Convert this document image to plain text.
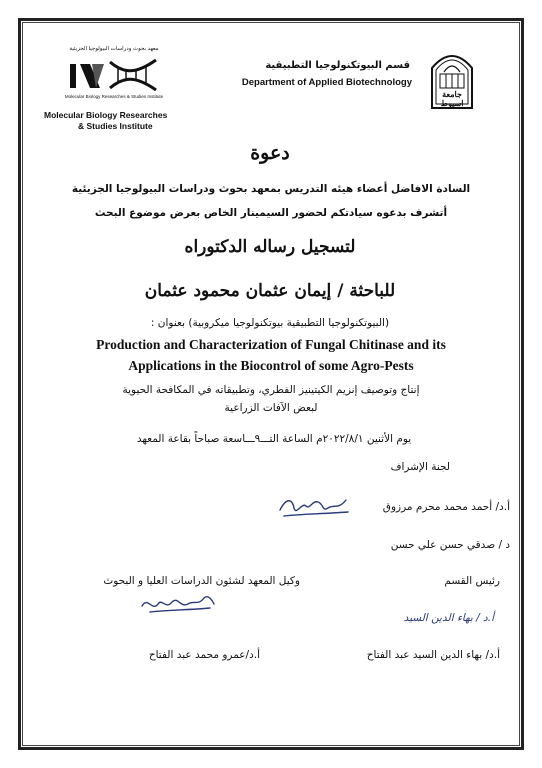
جامعة
اسيوط
قسم البيوتكنولوجيا التطبيقية
Department of Applied Biotechnology
معهد بحوث ودراسات البيولوجيا الجزيئية
Molecular Biology Researches & Studies Institute
Molecular Biology Researches
& Studies Institute
دعوة
السادة الافاضل أعضاء هيئه التدريس بمعهد بحوث ودراسات البيولوجيا الجزيئية
أتشرف بدعوه سيادتكم لحضور السيمينار الخاص بعرض موضوع البحث
لتسجيل رساله الدكتوراه
للباحثة / إيمان عثمان محمود عثمان
(البيوتكنولوجيا التطبيقية بيوتكنولوجيا ميكروبية) بعنوان :
Production and Characterization of Fungal Chitinase and its
Applications in the Biocontrol of some Agro-Pests
إنتاج وتوصيف إنزيم الكيتينيز الفطري، وتطبيقاته في المكافحة الحيوية
لبعض الآفات الزراعية
يوم الأثنين ٢٠٢٢/٨/١م الساعة التـــ٩ـــاسعة صباحاً بقاعة المعهد
لجنة الإشراف
أ.د/ أحمد محمد محرم مرزوق
د / صدقي حسن علي حسن
رئيس القسم
وكيل المعهد لشئون الدراسات العليا و البحوث
أ.د / بهاء الدين السيد
أ.د/ بهاء الدين السيد عبد الفتاح
أ.د/عمرو محمد عبد الفتاح
